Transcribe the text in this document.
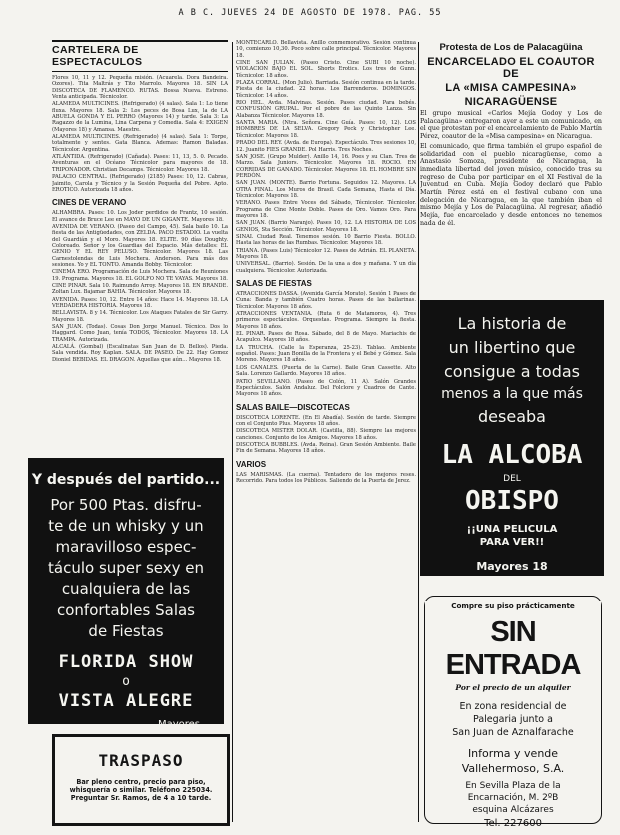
A B C. JUEVES 24 DE AGOSTO DE 1978. PAG. 55
CARTELERA DE ESPECTACULOS

Flores 10, 11 y 12. Pequeña misión. (Acuarela. Dora Bandeira. Ozores). Tita Maltrás y Tito Marrolo. Mayores 18. SIN LA DISCOTECA DE FLAMENCO. RUTAS. Bossa Nueva. Estreno. Venta anticipada. Técnicolor.

ALAMEDA MULTICINES. (Refrigerado) (4 salas). Sala 1: Lo tiene fluxa. Mayores 18. Sala 2: Los peces de Bosa Lux, la de LA ABUELA GONDA Y EL PERRO (Mayores 14) y tarde. Sala 3: La Ragazzo de la Lumina, Lina Carpena y Comedia. Sala 4: EXIGEN (Mayores 18) y Amansa. Maestre.

ALAMEDA MULTICINES. (Refrigerado) (4 salas). Sala 1: Torpe, totalmente y sentes. Gata Blanca. Ademas: Ramon Baladas. Técnicolor. Argentina.

ATLÁNTIDA. (Refrigerado) (Cañada). Pases: 11, 13, 5. 0. Pecado. Aventuras en el Océano Técnicolor para mayores de 18. TRIPONADOR. Christian Decamps. Técnicolor. Mayores 18.

PALACIO CENTRAL. (Refrigerado) (2185) Pases: 10, 12. Cabras, Jaimito, Carola y Técnico y la Sesión Pequeña del Pobre. Apto. EROTICO. Autorizada 18 años.

CINES DE VERANO

ALHAMBRA. Pases: 10. Los Joder perdidos de Frantz, 10 sesión. El avance de Bruce Lee en MAYO DE UN GIGANTE. Mayores 18.

AVENIDA DE VERANO. (Paseo del Campo, 45). Sala bailo 10. La fiesta de las Antigüedades, con ZELDA. PACO ESTADIO. La vuelta del Guardián y el Moro. Mayores 18. ELITE. 90 días Doughty. Coloreado. Señor y los Guardias del Espacio. Más detalles: EL GENIO Y EL REY PELUSO. Técnicolor. Mayores 18. Las Carnestolendas de Luis Mochera. Anderson. Para más dos sesiones. Yo y EL TONTO. Amanda Bobby. Técnicolor.

CINEMA ERO. Programación de Luis Mochera. Sala de Reuniones 19. Programa. Mayores 18. EL GOLFO NO TE VAYAS. Mayores 18.

CINE PINAR. Sala 10. Raimundo Arroy. Mayores 18. EN BRANDE. Zoltan Lux. Bajamar BAHIA. Técnicolor. Mayores 18.

AVENIDA. Pases: 10, 12. Entre 14 años: Hace 14. Mayores 18. LA VERDADERA HISTORIA. Mayores 18.

BELLAVISTA. 8 y 14. Técnicolor. Los Ataques Fatales de Sir Garry. Mayores 18.

SAN JUAN. (Todas). Cosas Don Jorge Manuel. Técnico. Dos lo Haggard. Como Juan, tenía TODOS, Técnicolor. Mayores 18. LA TRAMPA. Autorizada.

ALCALÁ. (Gombal) (Escalinatas San Juan de D. Bellos). Pieda. Sala vendida. Roy Kaplan. SALA. DE PASEO. De 22. Hay Gomez Dioniel BEBIDAS. EL DRAGON. Aquellas que aún... Mayores 18.

Y después del partido...
Por 500 Ptas. disfru-
te de un whisky y un
maravilloso espec-
táculo super sexy en
cualquiera de las
confortables Salas
de Fiestas
FLORIDA SHOW
o
VISTA ALEGRE
Mayores
TRASPASO
Bar pleno centro, precio para piso, whisquería o similar. Teléfono 225034. Preguntar Sr. Ramos, de 4 a 10 tarde.

MONTECARLO. Bellavista. Anillo conmemorativo. Sesión continua 10, comienzo 10,30. Poco sobre calle principal. Técnicolor. Mayores 18.

CINE SAN JULIAN. (Paseo Cristo. Cine SUBI 10 noche). VIOLACION BAJO EL SOL. Shorts Erotics. Los tres de Gunn. Técnicolor. 18 años.

PLAZA CORRAL. (Mon Julio). Barriada. Sesión continua en la tarde. Fiesta de la ciudad. 22 horas. Los Barrenderos. DOMINGOS. Técnicolor. 14 años.

RIO HEL. Avda. Malvinas. Sesión. Pases ciudad. Para bebés. CONFUSIÓN GRUPAL. Por el pobre de las Quinto Lanza. Sin Alabanza Técnicolor. Mayores 18.

SANTA MARIA. (Ntra. Señora. Cine Guía. Pases: 10, 12). LOS HOMBRES DE LA SELVA. Gregory Peck y Christopher Lee. Técnicolor. Mayores 18.

PRADO DEL REY. (Avda. de Europa). Espectáculo. Tres sesiones 10, 12. Juanito FIES GRANDE. Pol Harris. Tres Noches.

SAN JOSE. (Grupo Mulder). Anillo 14, 16. Poes y su Clan. Tres de Marzo. Sala Juniors. Técnicolor. Mayores 18. ROCIO. EN CORRIDAS DE GANADO. Técnicolor. Mayores 18. EL HOMBRE SIN PERDÓN.

SAN JUAN. (MONTE). Barrio Fortuna. Seguidos 12. Mayores. LA OTRA FINAL. Los Muros de Brasil. Cada Semana, Hasta el Día. Técnicolor. Mayores 18.

VERANO. Pases Entre Voces del Sábado, Técnicolor. Técnicolor. Programa de Cine Monte Doble. Pases de Oro. Vamos Oro. Para mayores 18.

SAN JUAN. (Barrio Naranjo). Pases 10, 12. LA HISTORIA DE LOS GENIOS, Sta Sección. Técnicolor. Mayores 18.

SINAI. Ciudad Real. Tenemos sesión. 10 Barrio Fiesta. BOLLO. Hasta las horas de las Rumbas. Técnicolor. Mayores 18.

TRIANA. (Pases Luis) Técnicolor 12. Pases de Adrián. EL PLANETA. Mayores 18.

UNIVERSAL. (Barrio). Sesión. De la una a dos y mañana. Y un día cualquiera. Técnicolor. Autorizada.

SALAS DE FIESTAS

ATRACCIONES DASSA. (Avenida García Morato). Sesión 1 Pases de Cuna: Banda y también Cuatro horas. Pases de las bailarinas. Técnicolor. Mayores 18 años.

ATRACCIONES VENTANIA. (Ruta 6 de Matamoros, 4). Tres primeros espectáculos. Orquestas. Programa. Siempre la fiesta. Mayores 18 años.

EL PINAR. Pases de Rosa. Sábado, del 8 de Mayo. Mariachis de Acapulco. Mayores 18 años.

LA TRUCHA. (Calle la Esperanza, 25-23). Tablao. Ambiente español. Pases: Juan Bonilla de la Frontera y el Bebé y Gómez. Sala Moreno. Mayores 18 años.

LOS CANALES. (Puerta de la Carne). Baile Gran Cassette. Alto Sala. Lorenzo Gallardo. Mayores 18 años.

PATIO SEVILLANO. (Paseo de Colón, 11 A). Salón Grandes Espectáculos. Salón Andaluz. Del Folclore y Cuadros de Cante. Mayores 18 años.

SALAS BAILE—DISCOTECAS

DISCOTECA LORENTE. (En El Abadía). Sesión de tarde. Siempre con el Conjunto Plus. Mayores 18 años.

DISCOTECA MISTER DOLAR. (Castilla, 88). Siempre las mejores canciones. Conjunto de los Amigos. Mayores 18 años.

DISCOTECA BUBBLES. (Avda. Reina). Gran Sesión Ambiente. Baile Fin de Semana. Mayores 18 años.

VARIOS

LAS MARISMAS. (La cuerna). Tentadero de los mejores reses. Recorrido. Para todos los Públicos. Saliendo de la Puerta de Jerez.

Protesta de Los de Palacagüina
ENCARCELADO EL COAUTOR DE
LA «MISA CAMPESINA»
NICARAGÜENSE

El grupo musical «Carlos Mejía Godoy y Los de Palacagüina» entregaron ayer a este un comunicado, en el que protestan por el encarcelamiento de Pablo Martín Pérez, coautor de la «Misa campesina» en Nicaragua.

El comunicado, que firma también el grupo español de solidaridad con el pueblo nicaragüense, como a Anastasio Somoza, presidente de Nicaragua, la inmediata libertad del joven músico, conocido tras su regreso de Cuba por participar en el XI Festival de la Juventud en Cuba. Mejía Godoy declaró que Pablo Martín Pérez está en el festival cubano con una delegación de Nicaragua, en la que también iban el mismo Mejía y Los de Palacagüina. Al regresar, añadió Mejía, fue encarcelado y desde entonces no tenemos nada de él.

La historia de
un libertino que
consigue a todas
menos a la que más
deseaba
LA ALCOBA
DEL
OBISPO
¡¡UNA PELICULA
PARA VER!!
Mayores 18
Compre su piso prácticamente
SIN ENTRADA
Por el precio de un alquiler
En zona residencial de
Palegaria junto a
San Juan de Aznalfarache
Informa y vende
Vallehermoso, S.A.
En Sevilla Plaza de la
Encarnación, M. 2ºB
esquina Alcázares
Tel. 227600
